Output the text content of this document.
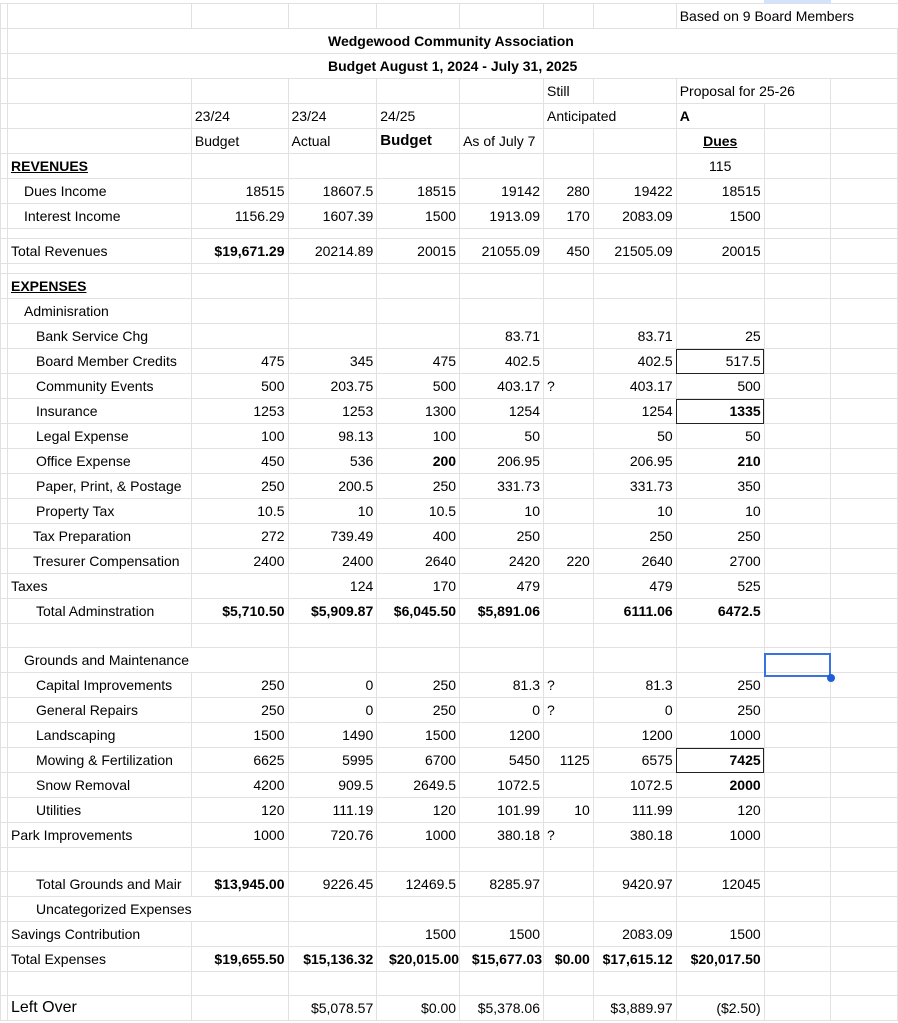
								Based on 9 Board Members		
	Wedgewood Community Association									
	Budget August 1, 2024 - July 31, 2025									
						Still		Proposal for 25-26		
		23/24	23/24	24/25		Anticipated		A		
		Budget	Actual	Budget	As of July 7			Dues		
	REVENUES							115		
	Dues Income	18515	18607.5	18515	19142	280	19422	18515		
	Interest Income	1156.29	1607.39	1500	1913.09	170	2083.09	1500		

	Total Revenues	$19,671.29	20214.89	20015	21055.09	450	21505.09	20015		

	EXPENSES									
	Adminisration									
	Bank Service Chg				83.71		83.71	25		
	Board Member Credits	475	345	475	402.5		402.5	517.5		
	Community Events	500	203.75	500	403.17	?	403.17	500		
	Insurance	1253	1253	1300	1254		1254	1335		
	Legal Expense	100	98.13	100	50		50	50		
	Office Expense	450	536	200	206.95		206.95	210		
	Paper, Print, & Postage	250	200.5	250	331.73		331.73	350		
	Property Tax	10.5	10	10.5	10		10	10		
	Tax Preparation	272	739.49	400	250		250	250		
	Tresurer Compensation	2400	2400	2640	2420	220	2640	2700		
	Taxes		124	170	479		479	525		
	Total Adminstration	$5,710.50	$5,909.87	$6,045.50	$5,891.06		6111.06	6472.5		

	Grounds and Maintenance									
	Capital Improvements	250	0	250	81.3	?	81.3	250		
	General Repairs	250	0	250	0	?	0	250		
	Landscaping	1500	1490	1500	1200		1200	1000		
	Mowing & Fertilization	6625	5995	6700	5450	1125	6575	7425		
	Snow Removal	4200	909.5	2649.5	1072.5		1072.5	2000		
	Utilities	120	111.19	120	101.99	10	111.99	120		
	Park Improvements	1000	720.76	1000	380.18	?	380.18	1000		

	Total Grounds and Mair	$13,945.00	9226.45	12469.5	8285.97		9420.97	12045		
	Uncategorized Expenses									
	Savings Contribution			1500	1500		2083.09	1500		
	Total Expenses	$19,655.50	$15,136.32	$20,015.00	$15,677.03	$0.00	$17,615.12	$20,017.50		

	Left Over		$5,078.57	$0.00	$5,378.06		$3,889.97	($2.50)		
